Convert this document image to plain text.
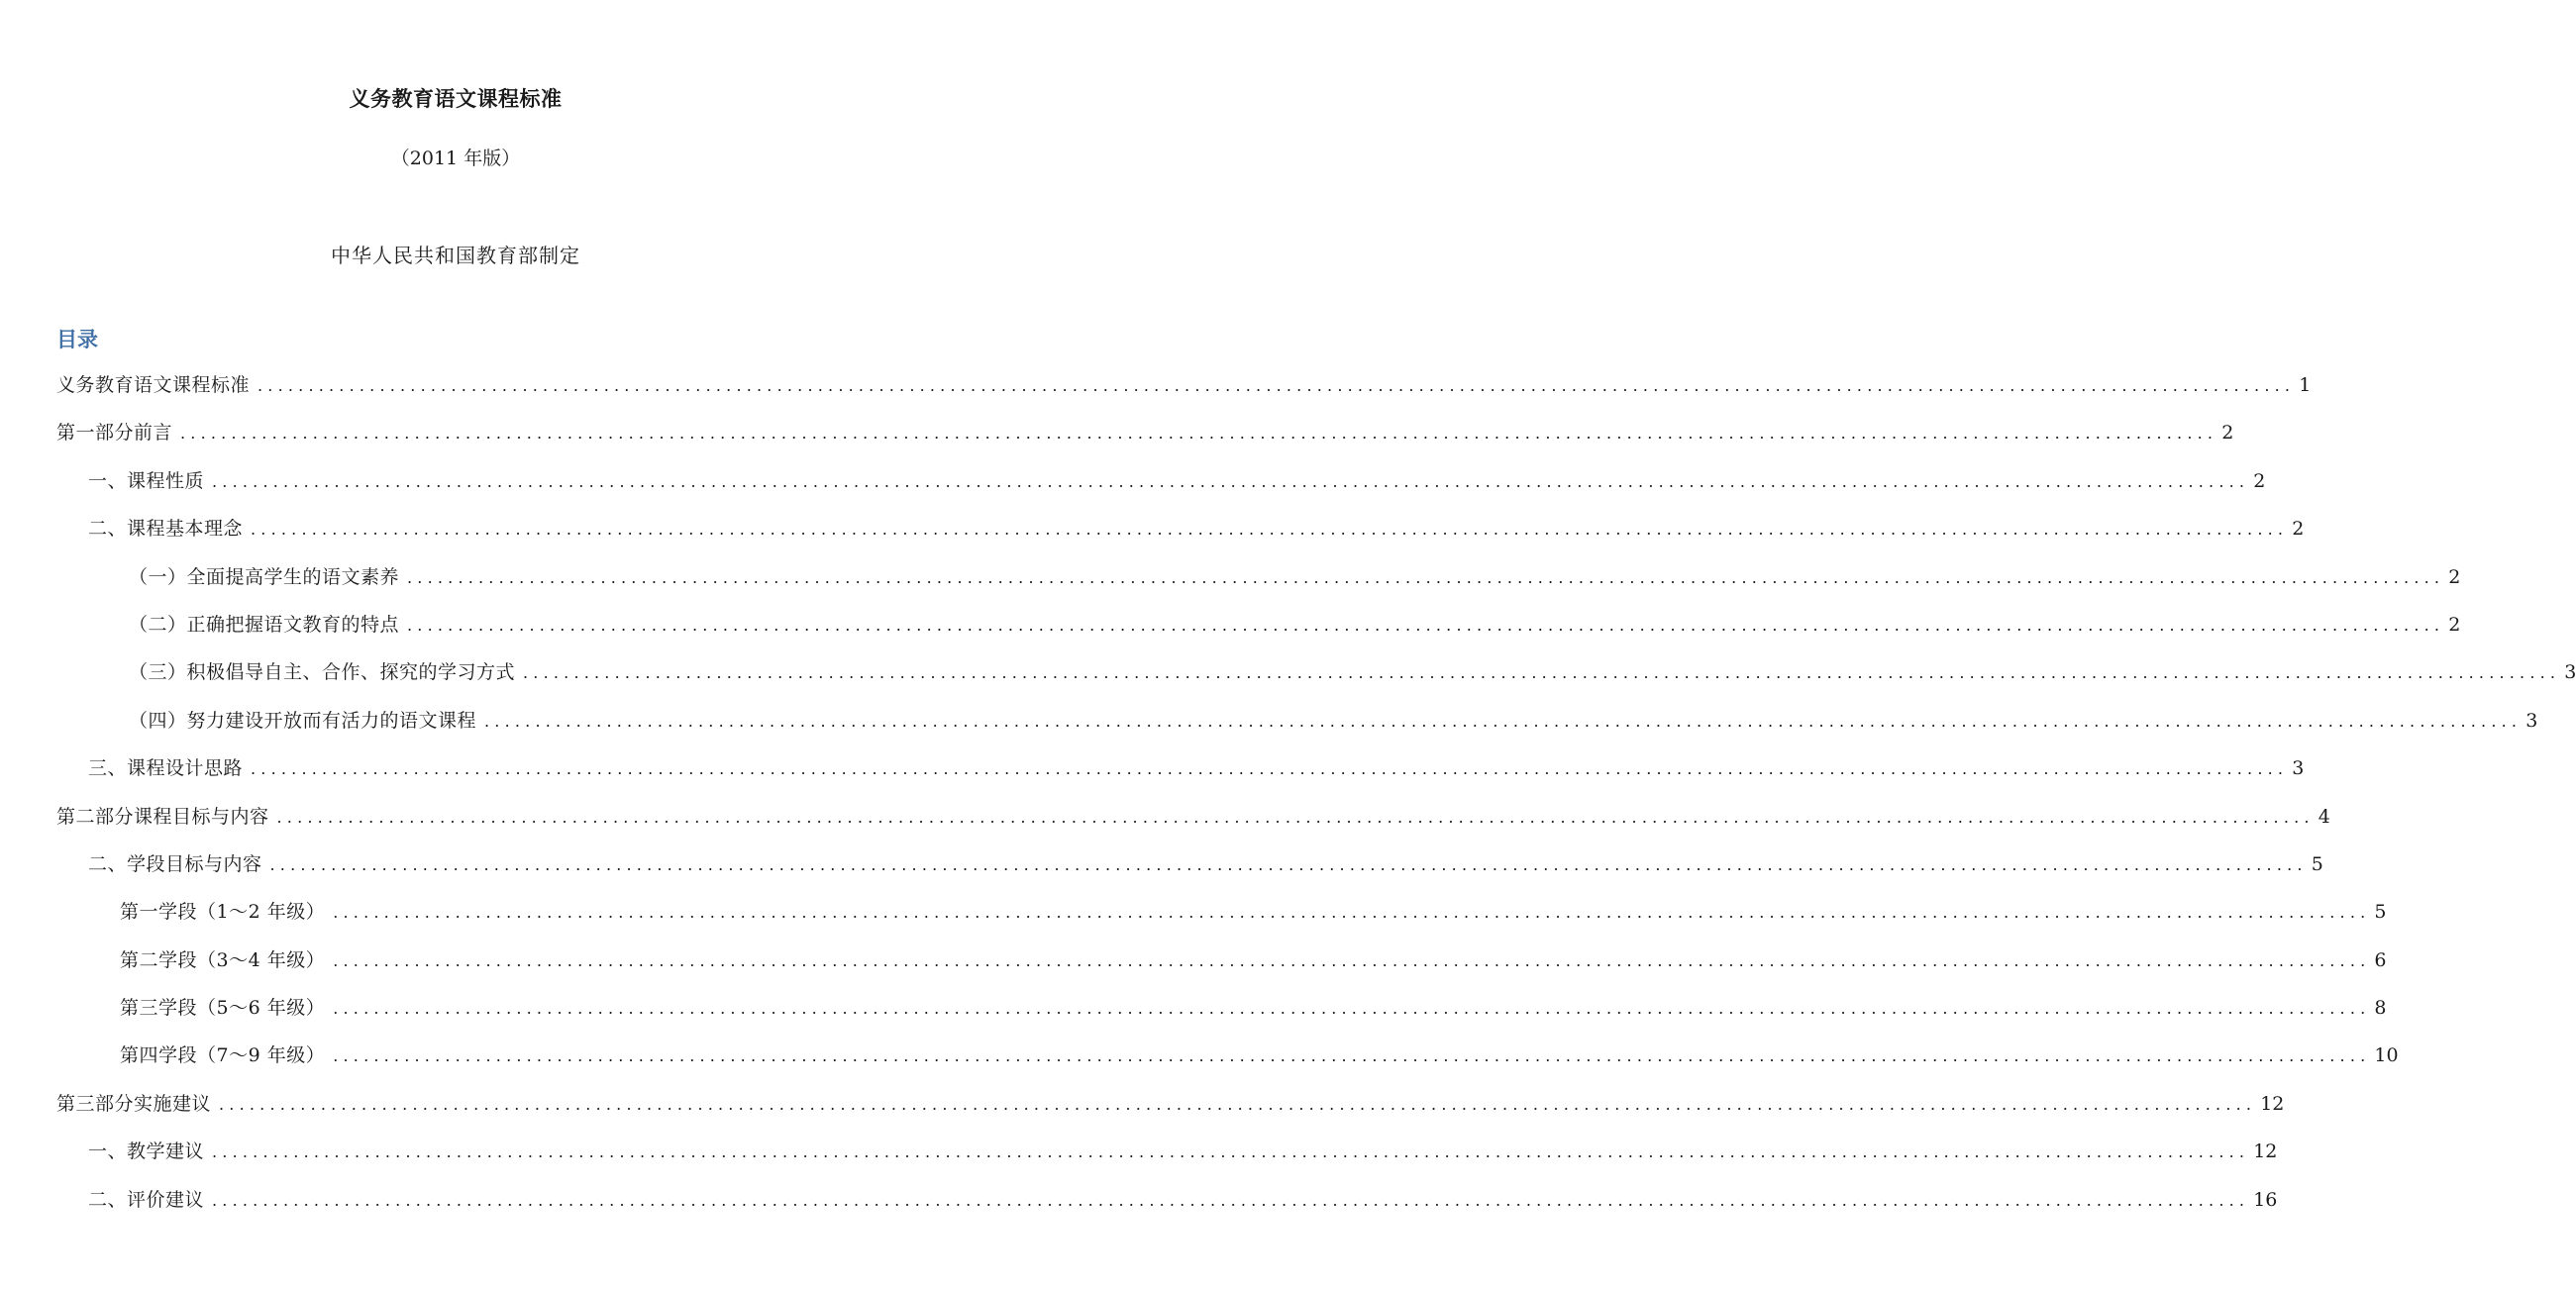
义务教育语文课程标准
（2011 年版）
中华人民共和国教育部制定
目录
义务教育语文课程标准 ........................................................................................................................................................................................................ 1
第一部分前言 ........................................................................................................................................................................................................ 2
一、课程性质 ........................................................................................................................................................................................................ 2
二、课程基本理念 ........................................................................................................................................................................................................ 2
（一）全面提高学生的语文素养 ........................................................................................................................................................................................................ 2
（二）正确把握语文教育的特点 ........................................................................................................................................................................................................ 2
（三）积极倡导自主、合作、探究的学习方式 ........................................................................................................................................................................................................ 3
（四）努力建设开放而有活力的语文课程 ........................................................................................................................................................................................................ 3
三、课程设计思路 ........................................................................................................................................................................................................ 3
第二部分课程目标与内容 ........................................................................................................................................................................................................ 4
二、学段目标与内容 ........................................................................................................................................................................................................ 5
第一学段（1～2 年级） ........................................................................................................................................................................................................ 5
第二学段（3～4 年级） ........................................................................................................................................................................................................ 6
第三学段（5～6 年级） ........................................................................................................................................................................................................ 8
第四学段（7～9 年级） ........................................................................................................................................................................................................ 10
第三部分实施建议 ........................................................................................................................................................................................................ 12
一、教学建议 ........................................................................................................................................................................................................ 12
二、评价建议 ........................................................................................................................................................................................................ 16
